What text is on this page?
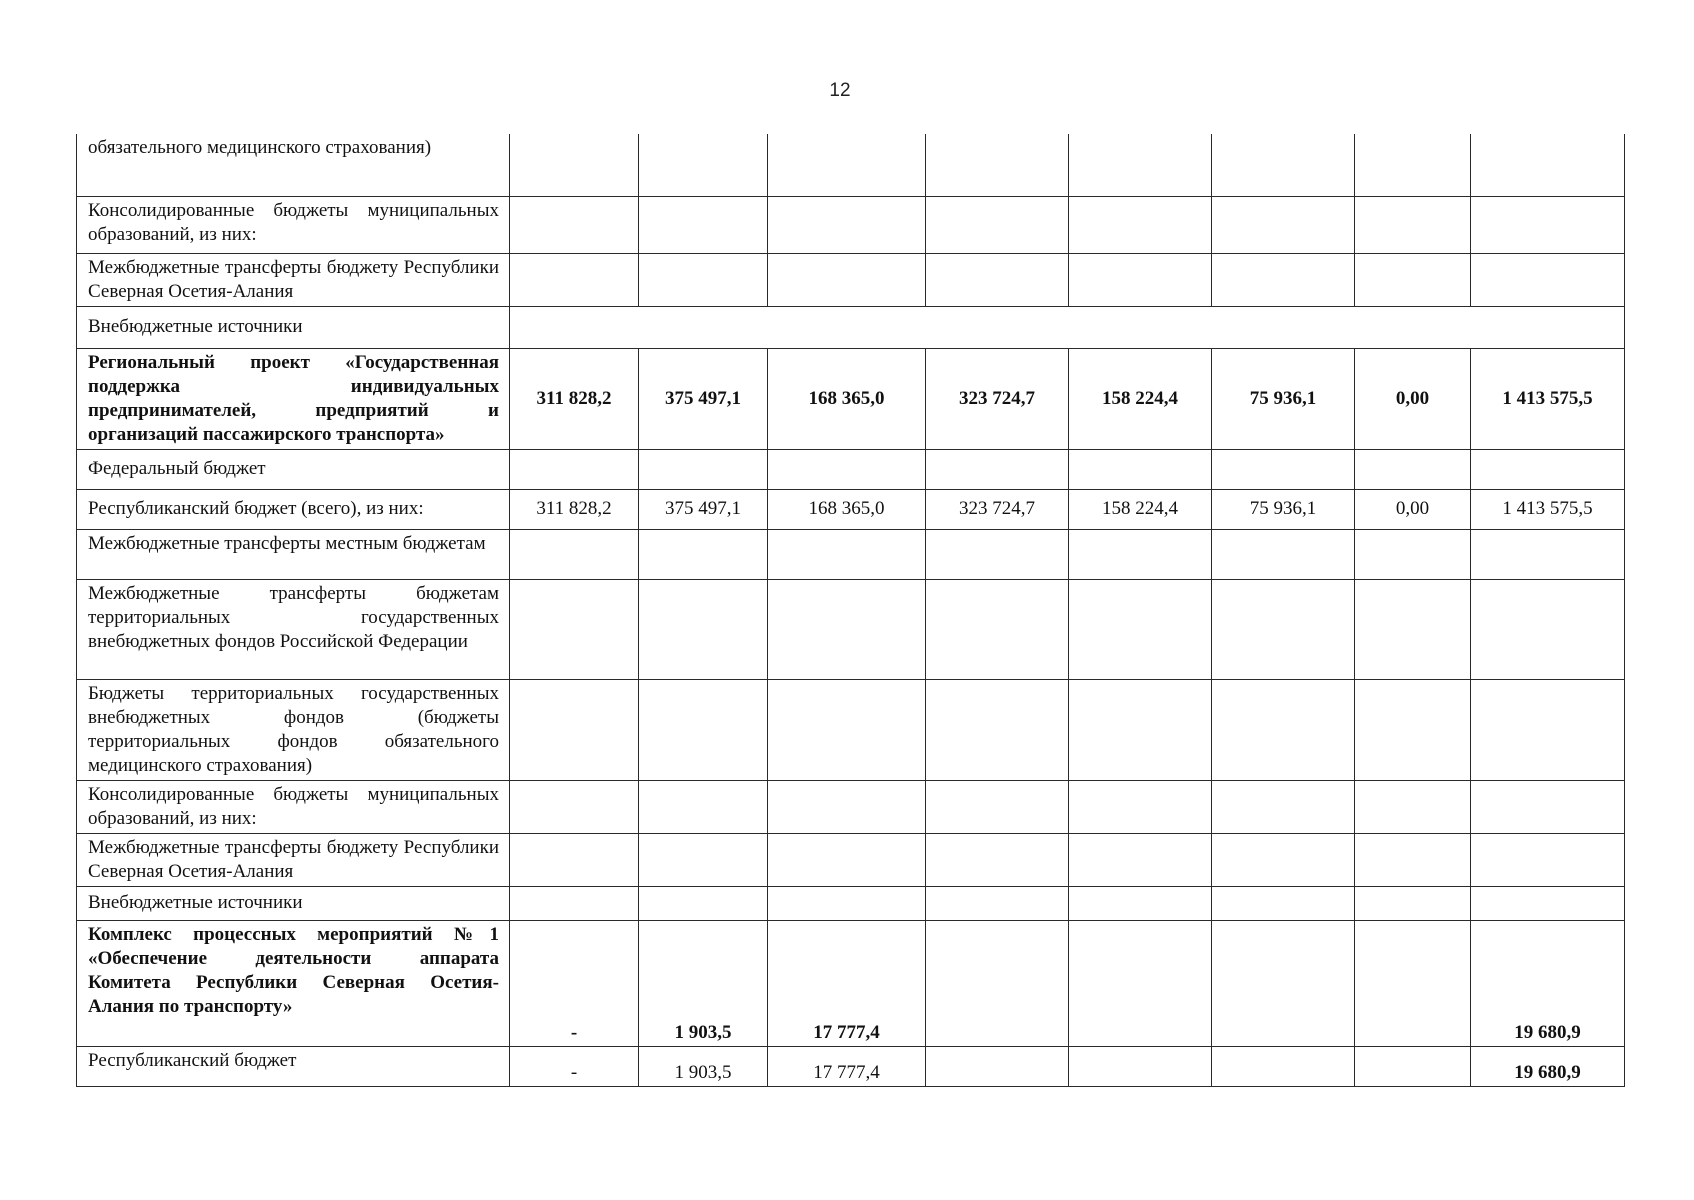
12
обязательного медицинского страхования)								
Консолидированные бюджеты муниципальных образований, из них:								
Межбюджетные трансферты бюджету Республики Северная Осетия-Алания								
Внебюджетные источники								
Региональный проект «Государственная поддержка индивидуальных предпринимателей, предприятий и организаций пассажирского транспорта»	311 828,2	375 497,1	168 365,0	323 724,7	158 224,4	75 936,1	0,00	1 413 575,5
Федеральный бюджет								
Республиканский бюджет (всего), из них:	311 828,2	375 497,1	168 365,0	323 724,7	158 224,4	75 936,1	0,00	1 413 575,5
Межбюджетные трансферты местным бюджетам								
Межбюджетные трансферты бюджетам территориальных государственных внебюджетных фондов Российской Федерации								
Бюджеты территориальных государственных внебюджетных фондов (бюджеты территориальных фондов обязательного медицинского страхования)								
Консолидированные бюджеты муниципальных образований, из них:								
Межбюджетные трансферты бюджету Республики Северная Осетия-Алания								
Внебюджетные источники								
Комплекс процессных мероприятий №1 «Обеспечение деятельности аппарата Комитета Республики Северная Осетия-Алания по транспорту»	-	1 903,5	17 777,4					19 680,9
Республиканский бюджет	-	1 903,5	17 777,4					19 680,9
